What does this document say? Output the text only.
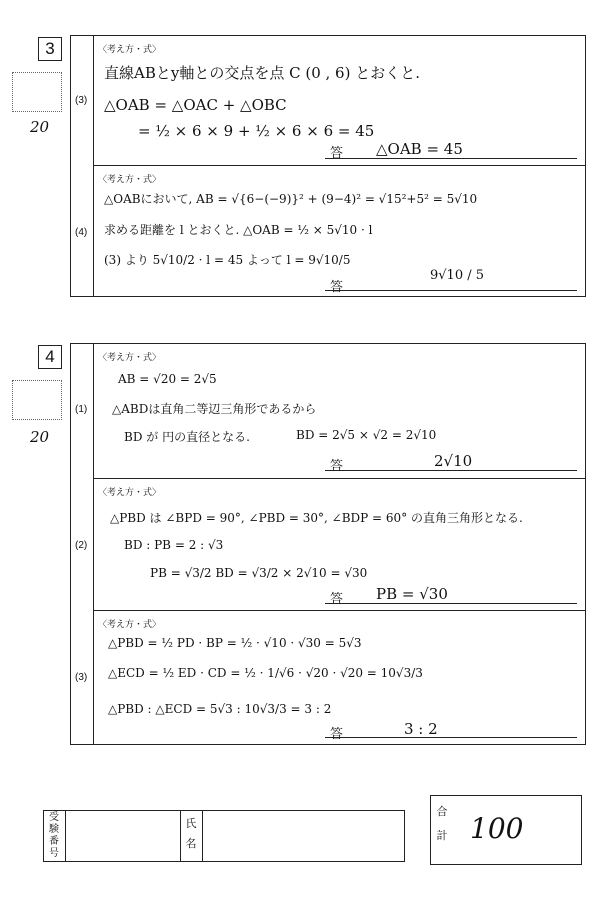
3
20
(3)
〈考え方・式〉
直線ABとy軸との交点を点 C (0 , 6) とおくと.
△OAB = △OAC + △OBC
= ½ × 6 × 9 + ½ × 6 × 6 = 45
答 △OAB = 45
(4)
〈考え方・式〉
△OABにおいて, AB = √{6−(−9)}² + (9−4)² = √15²+5² = 5√10
求める距離を l とおくと. △OAB = ½ × 5√10 · l
(3) より 5√10/2 · l = 45 よって l = 9√10/5
答
9√10 / 5
4
20
(1)
〈考え方・式〉
AB = √20 = 2√5
△ABDは直角二等辺三角形であるから
BD が 円の直径となる.	BD = 2√5 × √2 = 2√10
答	2√10
(2)
〈考え方・式〉
△PBD は ∠BPD = 90°, ∠PBD = 30°, ∠BDP = 60° の直角三角形となる.
BD : PB = 2 : √3
PB = √3/2 BD = √3/2 × 2√10 = √30
答 PB = √30
(3)
〈考え方・式〉
△PBD = ½ PD · BP = ½ · √10 · √30 = 5√3
△ECD = ½ ED · CD = ½ · 1/√6 · √20 · √20 = 10√3/3
△PBD : △ECD = 5√3 : 10√3/3 = 3 : 2
答	3 : 2
受
験
番
号
氏
名
合
計 100
